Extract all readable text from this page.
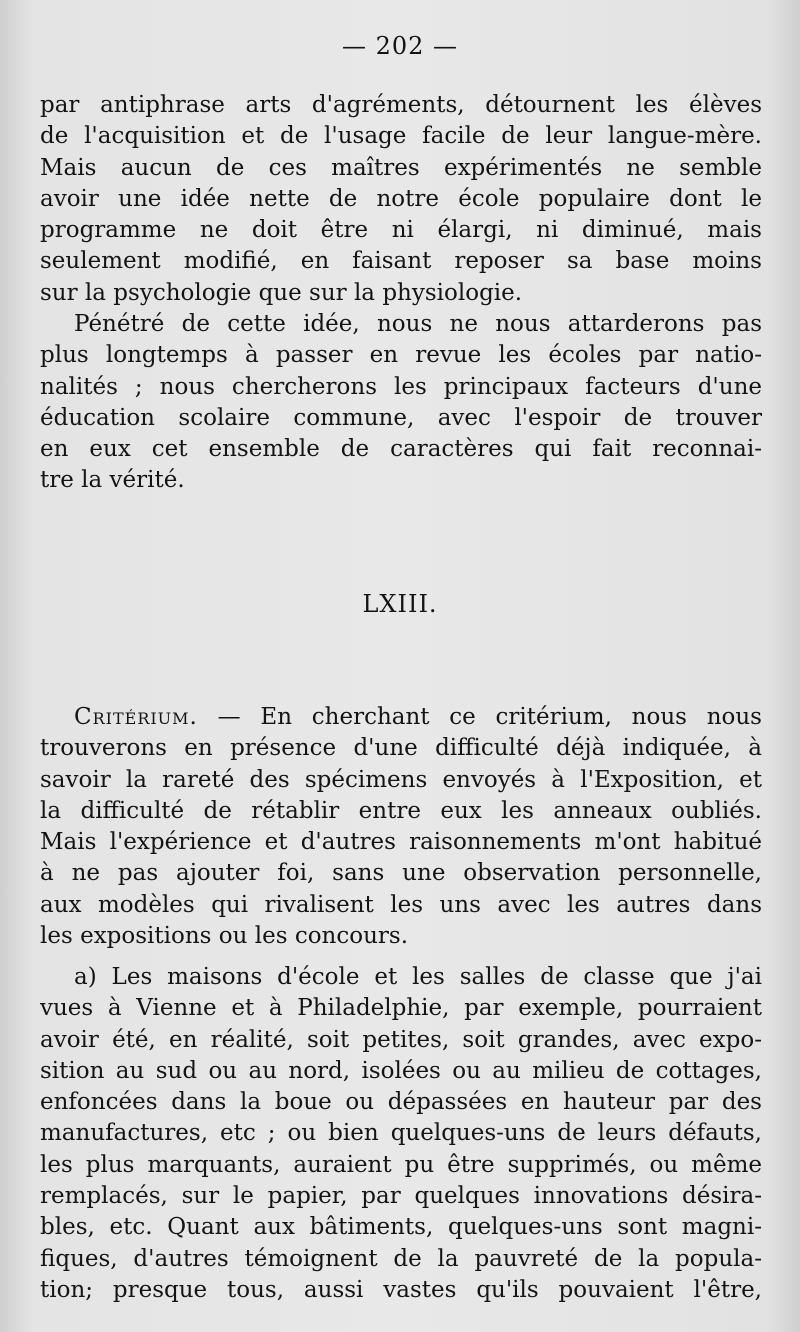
— 202 —
par antiphrase arts d'agréments, détournent les élèves
de l'acquisition et de l'usage facile de leur langue-mère.
Mais aucun de ces maîtres expérimentés ne semble
avoir une idée nette de notre école populaire dont le
programme ne doit être ni élargi, ni diminué, mais
seulement modifié, en faisant reposer sa base moins
sur la psychologie que sur la physiologie.
Pénétré de cette idée, nous ne nous attarderons pas
plus longtemps à passer en revue les écoles par natio-
nalités ; nous chercherons les principaux facteurs d'une
éducation scolaire commune, avec l'espoir de trouver
en eux cet ensemble de caractères qui fait reconnai-
tre la vérité.
LXIII.
Critérium. — En cherchant ce critérium, nous nous
trouverons en présence d'une difficulté déjà indiquée, à
savoir la rareté des spécimens envoyés à l'Exposition, et
la difficulté de rétablir entre eux les anneaux oubliés.
Mais l'expérience et d'autres raisonnements m'ont habitué
à ne pas ajouter foi, sans une observation personnelle,
aux modèles qui rivalisent les uns avec les autres dans
les expositions ou les concours.
a) Les maisons d'école et les salles de classe que j'ai
vues à Vienne et à Philadelphie, par exemple, pourraient
avoir été, en réalité, soit petites, soit grandes, avec expo-
sition au sud ou au nord, isolées ou au milieu de cottages,
enfoncées dans la boue ou dépassées en hauteur par des
manufactures, etc ; ou bien quelques-uns de leurs défauts,
les plus marquants, auraient pu être supprimés, ou même
remplacés, sur le papier, par quelques innovations désira-
bles, etc. Quant aux bâtiments, quelques-uns sont magni-
fiques, d'autres témoignent de la pauvreté de la popula-
tion; presque tous, aussi vastes qu'ils pouvaient l'être,
